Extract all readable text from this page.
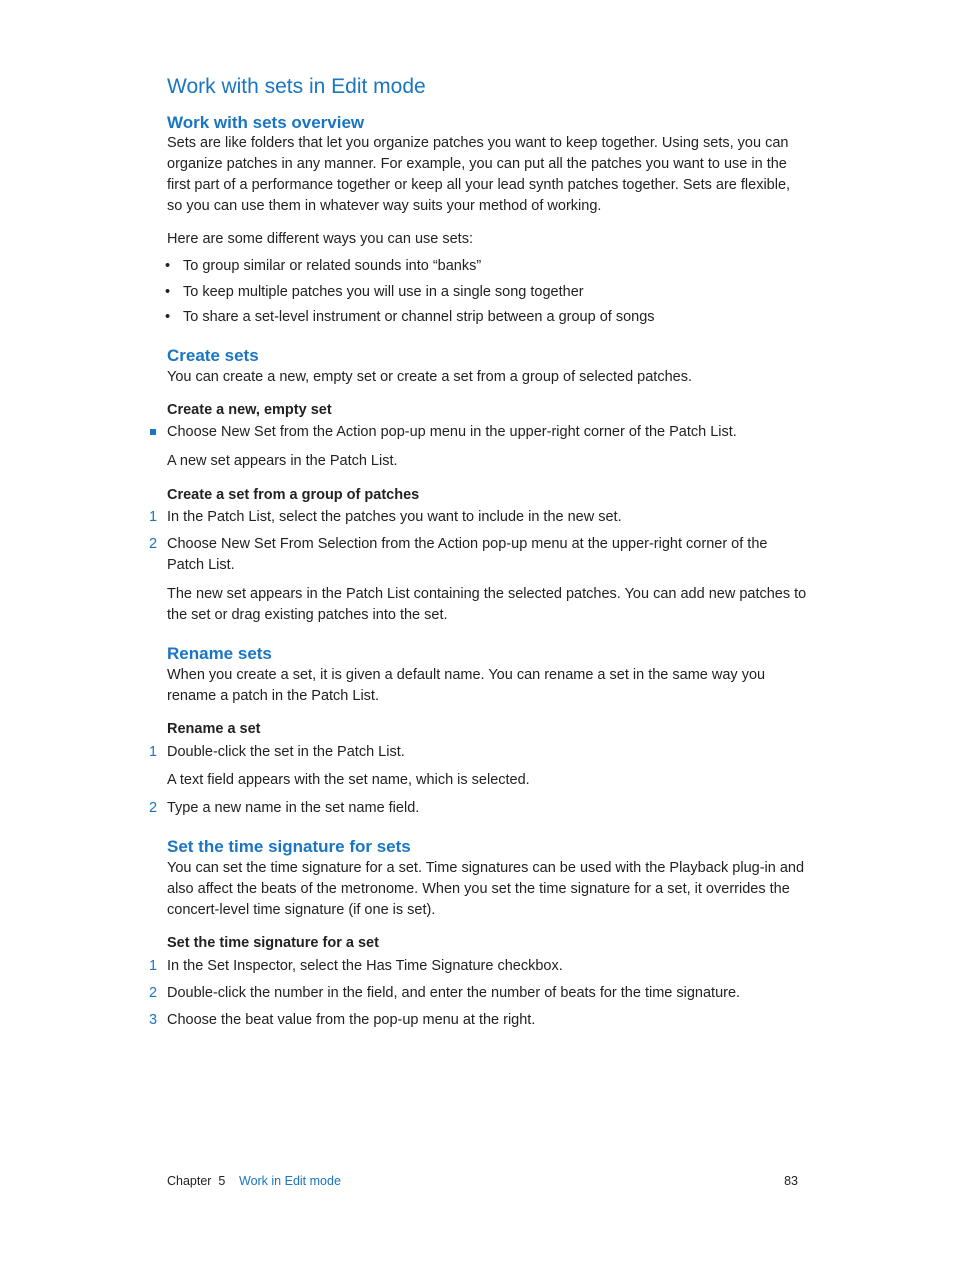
Work with sets in Edit mode
Work with sets overview
Sets are like folders that let you organize patches you want to keep together. Using sets, you can organize patches in any manner. For example, you can put all the patches you want to use in the first part of a performance together or keep all your lead synth patches together. Sets are flexible, so you can use them in whatever way suits your method of working.
Here are some different ways you can use sets:
• To group similar or related sounds into “banks”
• To keep multiple patches you will use in a single song together
• To share a set-level instrument or channel strip between a group of songs
Create sets
You can create a new, empty set or create a set from a group of selected patches.
Create a new, empty set
Choose New Set from the Action pop-up menu in the upper-right corner of the Patch List.
A new set appears in the Patch List.
Create a set from a group of patches
1 In the Patch List, select the patches you want to include in the new set.
2 Choose New Set From Selection from the Action pop-up menu at the upper-right corner of the Patch List.
The new set appears in the Patch List containing the selected patches. You can add new patches to the set or drag existing patches into the set.
Rename sets
When you create a set, it is given a default name. You can rename a set in the same way you rename a patch in the Patch List.
Rename a set
1 Double-click the set in the Patch List.
A text field appears with the set name, which is selected.
2 Type a new name in the set name field.
Set the time signature for sets
You can set the time signature for a set. Time signatures can be used with the Playback plug-in and also affect the beats of the metronome. When you set the time signature for a set, it overrides the concert-level time signature (if one is set).
Set the time signature for a set
1 In the Set Inspector, select the Has Time Signature checkbox.
2 Double-click the number in the field, and enter the number of beats for the time signature.
3 Choose the beat value from the pop-up menu at the right.
Chapter  5 Work in Edit mode	83
